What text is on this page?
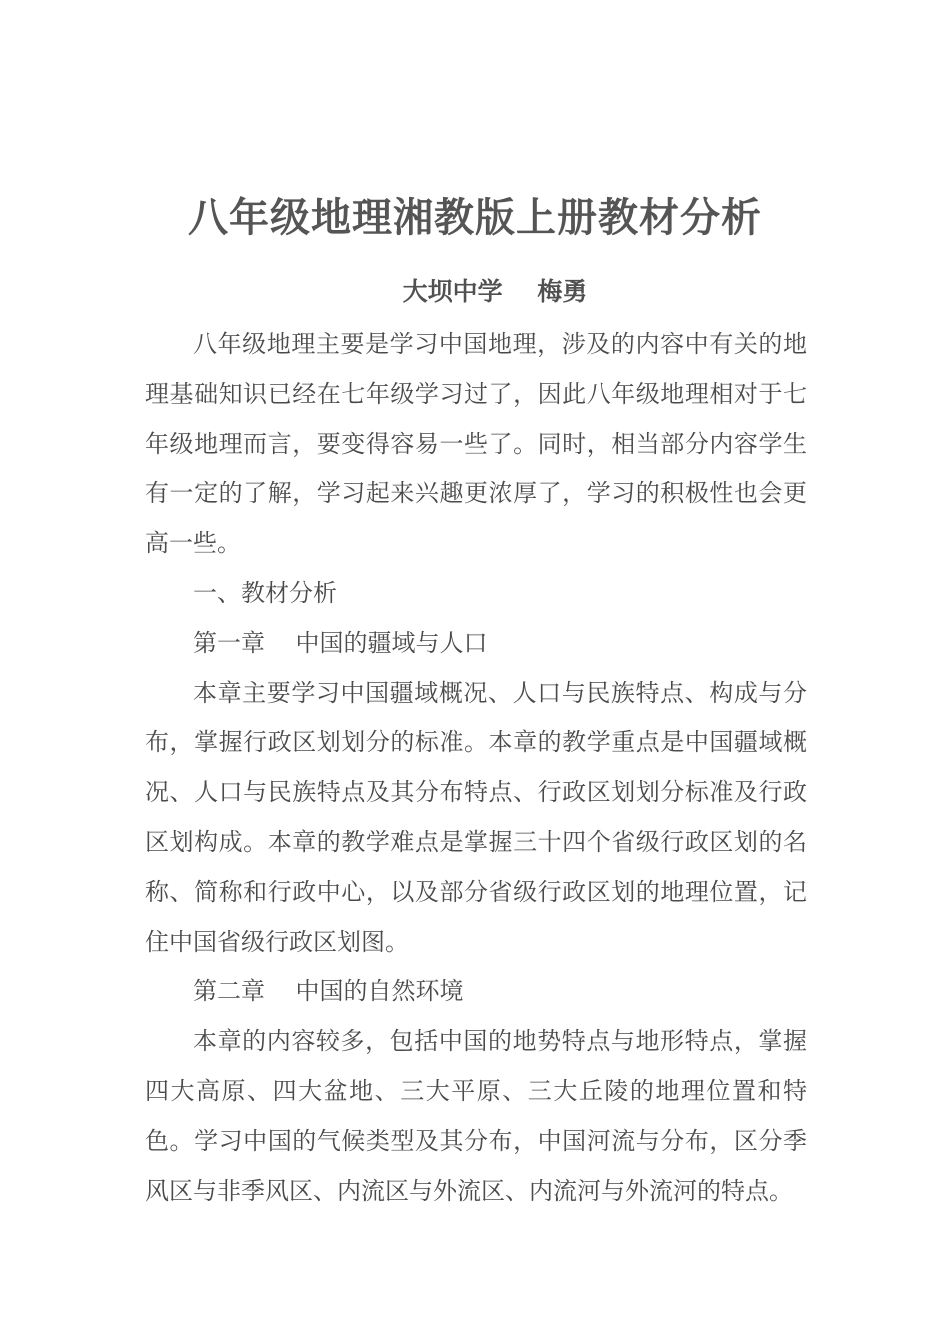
八年级地理湘教版上册教材分析

大坝中学    梅勇

八年级地理主要是学习中国地理，涉及的内容中有关的地理基础知识已经在七年级学习过了，因此八年级地理相对于七年级地理而言，要变得容易一些了。同时，相当部分内容学生有一定的了解，学习起来兴趣更浓厚了，学习的积极性也会更高一些。

一、教材分析

第一章    中国的疆域与人口

本章主要学习中国疆域概况、人口与民族特点、构成与分布，掌握行政区划划分的标准。本章的教学重点是中国疆域概况、人口与民族特点及其分布特点、行政区划划分标准及行政区划构成。本章的教学难点是掌握三十四个省级行政区划的名称、简称和行政中心，以及部分省级行政区划的地理位置，记住中国省级行政区划图。

第二章    中国的自然环境

本章的内容较多，包括中国的地势特点与地形特点，掌握四大高原、四大盆地、三大平原、三大丘陵的地理位置和特色。学习中国的气候类型及其分布，中国河流与分布，区分季风区与非季风区、内流区与外流区、内流河与外流河的特点。
